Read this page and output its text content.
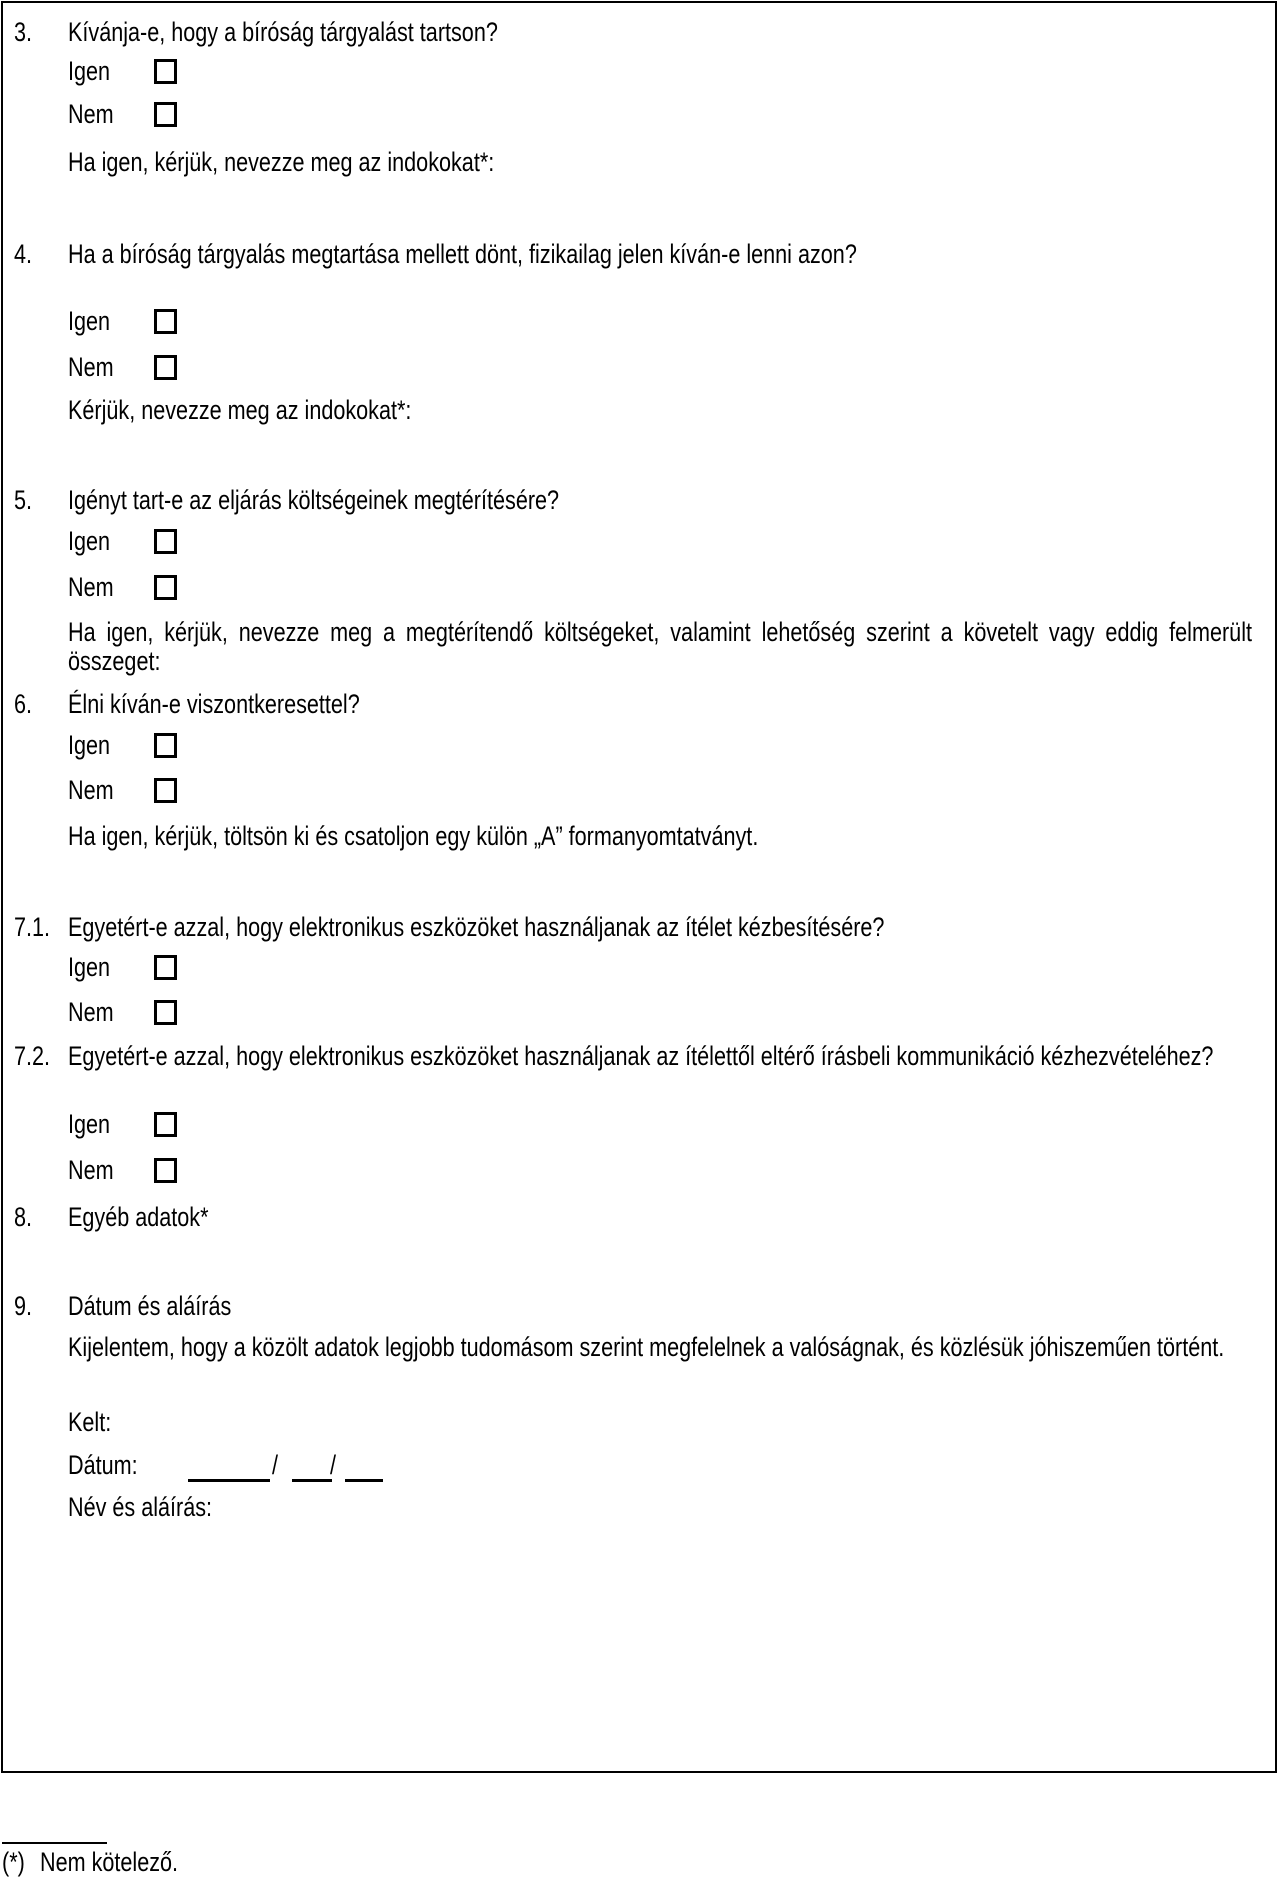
3. Kívánja-e, hogy a bíróság tárgyalást tartson?
Igen
Nem
Ha igen, kérjük, nevezze meg az indokokat*:
4. Ha a bíróság tárgyalás megtartása mellett dönt, fizikailag jelen kíván-e lenni azon?
Igen
Nem
Kérjük, nevezze meg az indokokat*:
5. Igényt tart-e az eljárás költségeinek megtérítésére?
Igen
Nem
Ha igen, kérjük, nevezze meg a megtérítendő költségeket, valamint lehetőség szerint a követelt vagy eddig felmerült összeget:
6. Élni kíván-e viszontkeresettel?
Igen
Nem
Ha igen, kérjük, töltsön ki és csatoljon egy külön „A” formanyomtatványt.
7.1. Egyetért-e azzal, hogy elektronikus eszközöket használjanak az ítélet kézbesítésére?
Igen
Nem
7.2. Egyetért-e azzal, hogy elektronikus eszközöket használjanak az ítélettől eltérő írásbeli kommunikáció kézhezvételéhez?
Igen
Nem
8. Egyéb adatok*
9. Dátum és aláírás
Kijelentem, hogy a közölt adatok legjobb tudomásom szerint megfelelnek a valóságnak, és közlésük jóhiszeműen történt.
Kelt:
Dátum:	/ /
Név és aláírás:
(*) Nem kötelező.
